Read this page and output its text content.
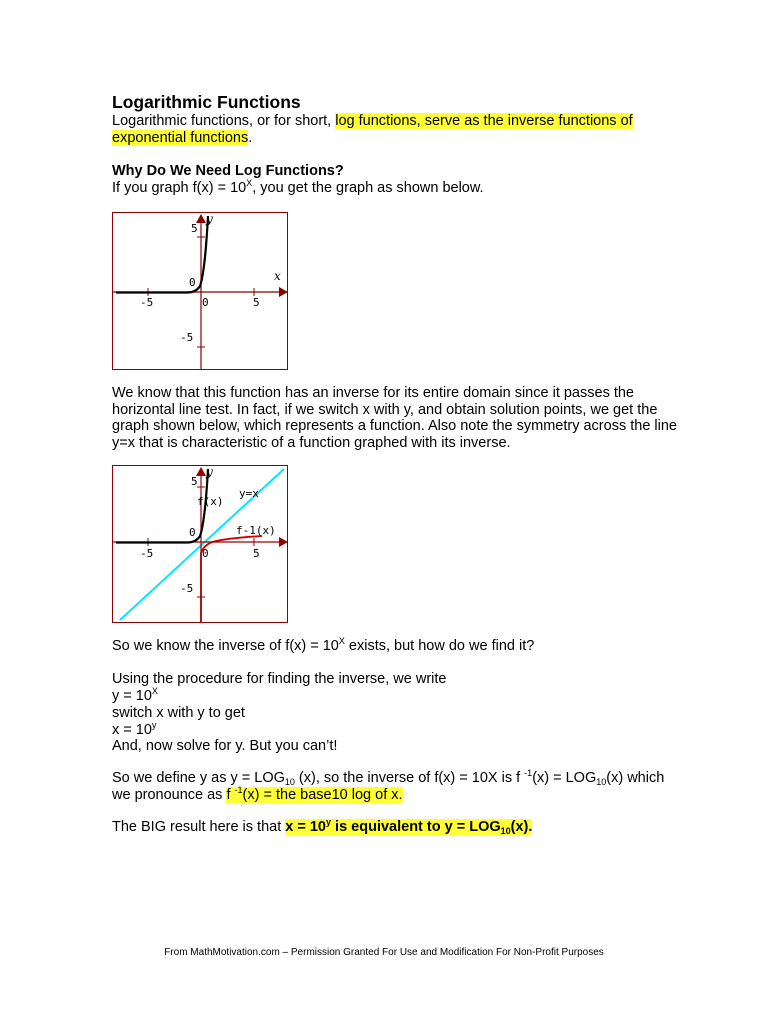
Logarithmic Functions

Logarithmic functions, or for short, log functions, serve as the inverse functions of

exponential functions.

Why Do We Need Log Functions?

If you graph $f(x) = 10^X$, you get the graph as shown below.

x
y
5
0
-5	0	5
-5

We know that this function has an inverse for its entire domain since it passes the

horizontal line test. In fact, if we switch x with y, and obtain solution points, we get the

graph shown below, which represents a function. Also note the symmetry across the line

y=x that is characteristic of a function graphed with its inverse.

y
5
f(x)
y=x
f-1(x)
0
-5	0	5
-5

So we know the inverse of $f(x) = 10^X$ exists, but how do we find it?

Using the procedure for finding the inverse, we write

$y = 10^X$

switch x with y to get

$x = 10^y$

And, now solve for y. But you can’t!

So we define y as $y = LOG_{10}$ (x), so the inverse of f(x) = 10X is f $^{-1}(x) = LOG_{10}(x)$ which

we pronounce as f $^{-1}$(x) = the base10 log of x.

The BIG result here is that $x = 10^y$ is equivalent to $y = LOG_{10}(x)$.

From MathMotivation.com – Permission Granted For Use and Modification For Non-Profit Purposes
